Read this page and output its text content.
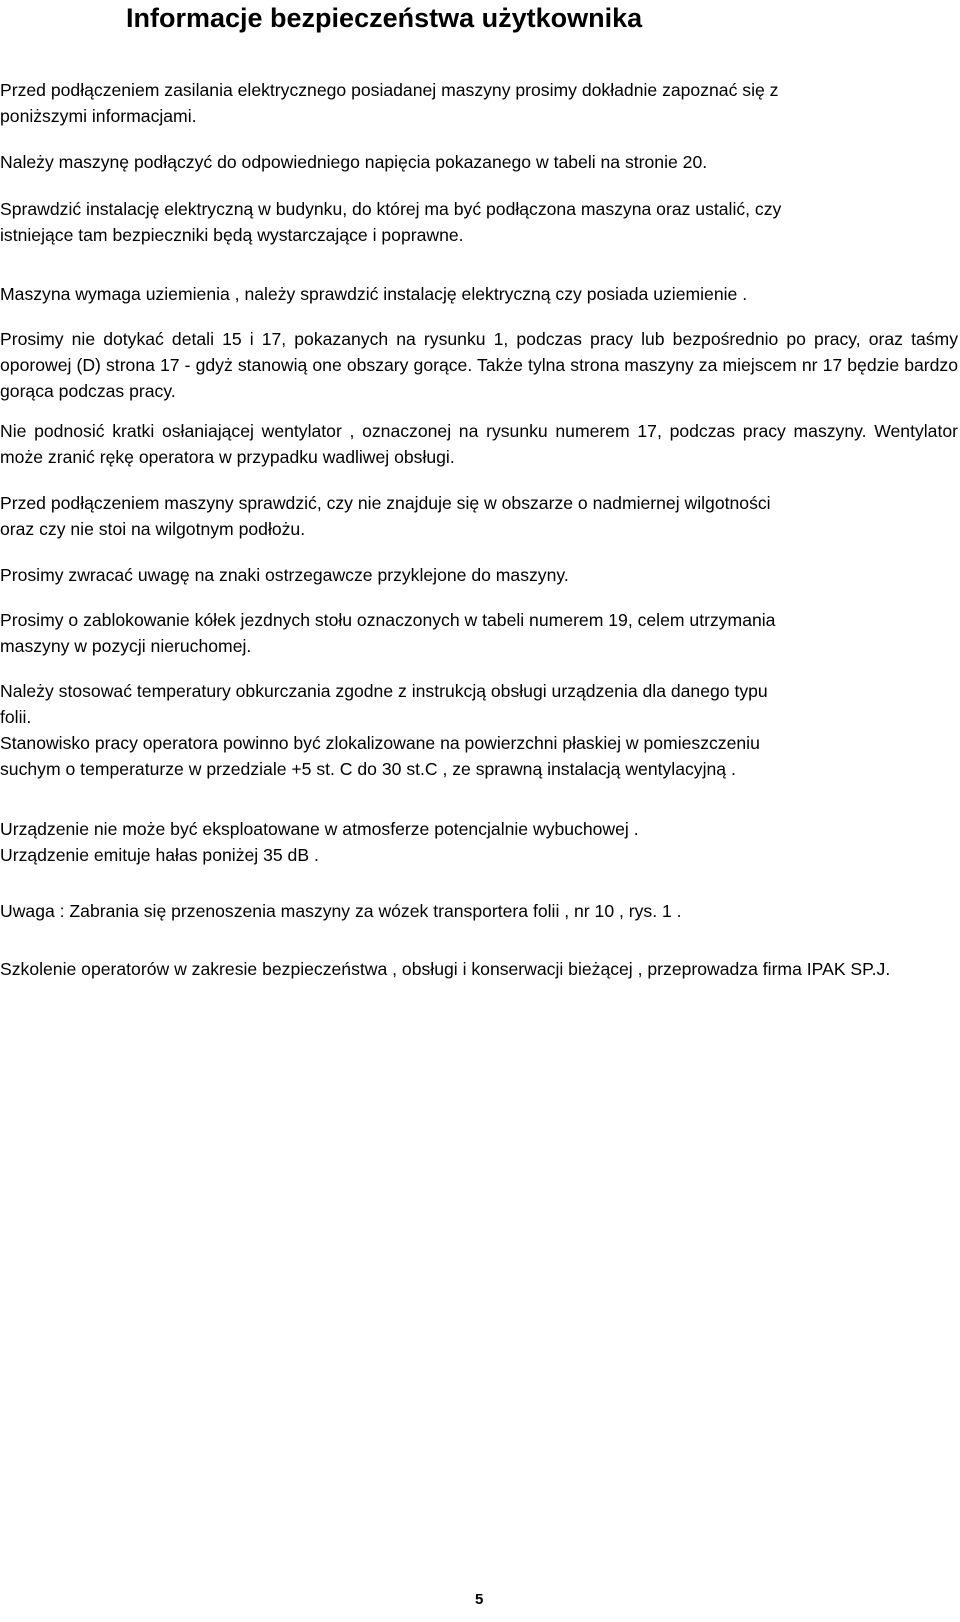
Informacje bezpieczeństwa użytkownika

Przed podłączeniem zasilania elektrycznego posiadanej maszyny prosimy dokładnie zapoznać się z
poniższymi informacjami.

Należy maszynę podłączyć do odpowiedniego napięcia pokazanego w tabeli na stronie 20.

Sprawdzić instalację elektryczną w budynku, do której ma być podłączona maszyna oraz ustalić, czy
istniejące tam bezpieczniki będą wystarczające i poprawne.

Maszyna wymaga uziemienia , należy sprawdzić instalację elektryczną czy posiada uziemienie .

Prosimy nie dotykać detali 15 i 17, pokazanych na rysunku 1, podczas pracy lub bezpośrednio po pracy, oraz taśmy oporowej (D) strona 17 - gdyż stanowią one obszary gorące. Także tylna strona maszyny za miejscem nr 17 będzie bardzo gorąca podczas pracy.

Nie podnosić kratki osłaniającej wentylator , oznaczonej na rysunku numerem 17, podczas pracy maszyny. Wentylator może zranić rękę operatora w przypadku wadliwej obsługi.

Przed podłączeniem maszyny sprawdzić, czy nie znajduje się w obszarze o nadmiernej wilgotności
oraz czy nie stoi na wilgotnym podłożu.

Prosimy zwracać uwagę na znaki ostrzegawcze przyklejone do maszyny.

Prosimy o zablokowanie kółek jezdnych stołu oznaczonych w tabeli numerem 19, celem utrzymania
maszyny w pozycji nieruchomej.

Należy stosować temperatury obkurczania zgodne z instrukcją obsługi urządzenia dla danego typu
folii.
Stanowisko pracy operatora powinno być zlokalizowane na powierzchni płaskiej w pomieszczeniu
suchym o temperaturze w przedziale +5 st. C do 30 st.C , ze sprawną instalacją wentylacyjną .

Urządzenie nie może być eksploatowane w atmosferze potencjalnie wybuchowej .
Urządzenie emituje hałas poniżej 35 dB .

Uwaga : Zabrania się przenoszenia maszyny za wózek transportera folii , nr 10 , rys. 1 .

Szkolenie operatorów w zakresie bezpieczeństwa , obsługi i konserwacji bieżącej , przeprowadza firma IPAK SP.J.

5
